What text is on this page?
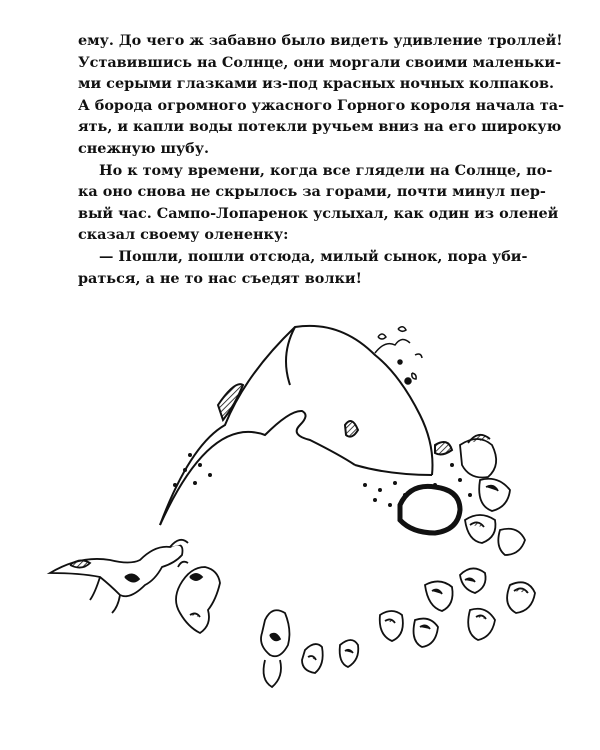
ему. До чего ж забавно было видеть удивление троллей!
Уставившись на Солнце, они моргали своими маленьки-
ми серыми глазками из-под красных ночных колпаков.
А борода огромного ужасного Горного короля начала та-
ять, и капли воды потекли ручьем вниз на его широкую
снежную шубу.
Но к тому времени, когда все глядели на Солнце, по-
ка оно снова не скрылось за горами, почти минул пер-
вый час. Сампо-Лопаренок услыхал, как один из оленей
сказал своему олененку:
— Пошли, пошли отсюда, милый сынок, пора уби-
раться, а не то нас съедят волки!
